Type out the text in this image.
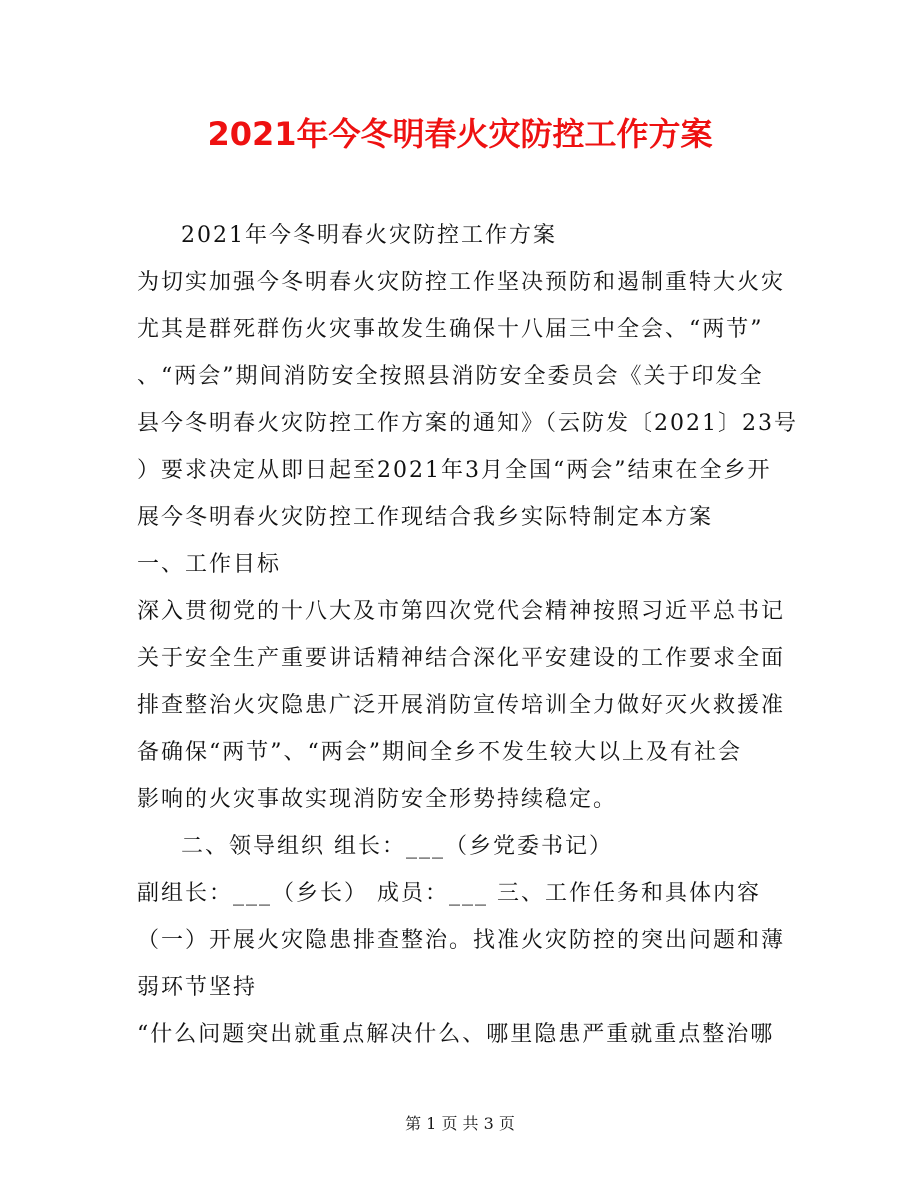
2021年今冬明春火灾防控工作方案
2021年今冬明春火灾防控工作方案
为切实加强今冬明春火灾防控工作坚决预防和遏制重特大火灾
尤其是群死群伤火灾事故发生确保十八届三中全会、“两节”
、“两会”期间消防安全按照县消防安全委员会《关于印发全
县今冬明春火灾防控工作方案的通知》（云防发〔2021〕23号
）要求决定从即日起至2021年3月全国“两会”结束在全乡开
展今冬明春火灾防控工作现结合我乡实际特制定本方案
一、工作目标
深入贯彻党的十八大及市第四次党代会精神按照习近平总书记
关于安全生产重要讲话精神结合深化平安建设的工作要求全面
排查整治火灾隐患广泛开展消防宣传培训全力做好灭火救援准
备确保“两节”、“两会”期间全乡不发生较大以上及有社会
影响的火灾事故实现消防安全形势持续稳定。
二、领导组织 组长：___（乡党委书记）
副组长：___（乡长） 成员：___ 三、工作任务和具体内容
（一）开展火灾隐患排查整治。找准火灾防控的突出问题和薄
弱环节坚持
“什么问题突出就重点解决什么、哪里隐患严重就重点整治哪
第 1 页 共 3 页
